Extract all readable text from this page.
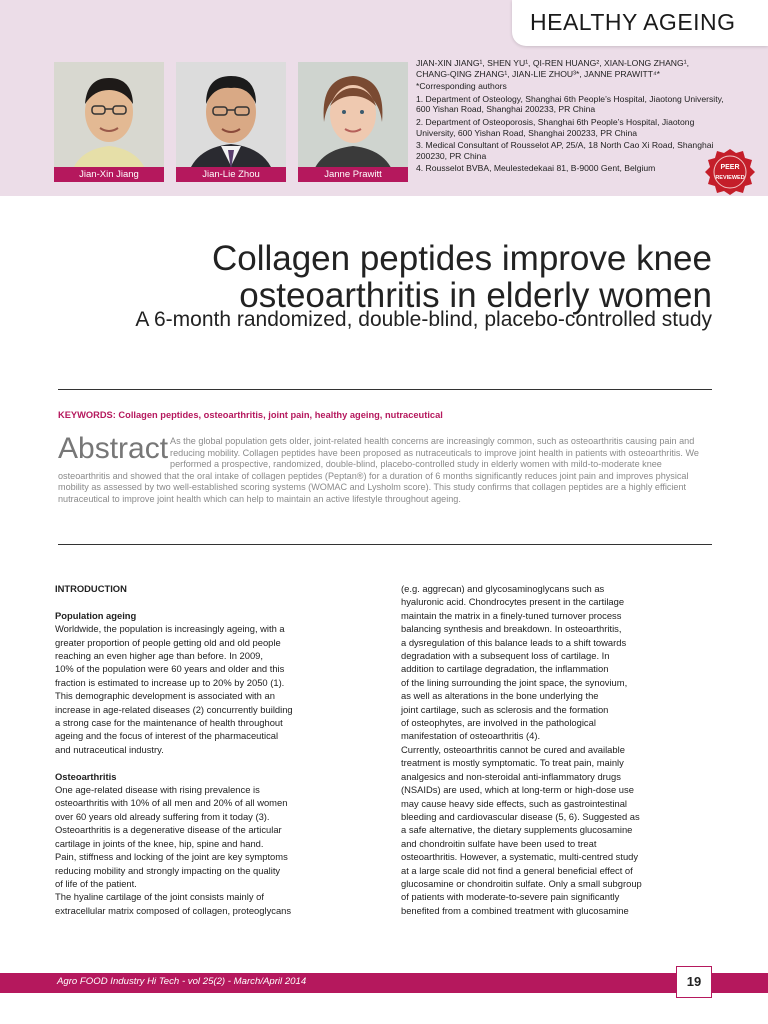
HEALTHY AGEING
Jian-Xin Jiang	Jian-Lie Zhou	Janne Prawitt

JIAN-XIN JIANG¹, SHEN YU¹, QI-REN HUANG², XIAN-LONG ZHANG¹,

CHANG-QING ZHANG¹, JIAN-LIE ZHOU³*, JANNE PRAWITT⁴*

*Corresponding authors

1. Department of Osteology, Shanghai 6th People’s Hospital, Jiaotong University, 600 Yishan Road, Shanghai 200233, PR China

2. Department of Osteoporosis, Shanghai 6th People’s Hospital, Jiaotong University, 600 Yishan Road, Shanghai 200233, PR China

3. Medical Consultant of Rousselot AP, 25/A, 18 North Cao Xi Road, Shanghai 200230, PR China

4. Rousselot BVBA, Meulestedekaai 81, B-9000 Gent, Belgium	PEER
REVIEWED
Collagen peptides improve knee
osteoarthritis in elderly women
A 6-month randomized, double-blind, placebo-controlled study
KEYWORDS: Collagen peptides, osteoarthritis, joint pain, healthy ageing, nutraceutical
Abstract As the global population gets older, joint-related health concerns are increasingly common, such as osteoarthritis causing pain and reducing mobility. Collagen peptides have been proposed as nutraceuticals to improve joint health in patients with osteoarthritis. We performed a prospective, randomized, double-blind, placebo-controlled study in elderly women with mild-to-moderate knee osteoarthritis and showed that the oral intake of collagen peptides (Peptan®) for a duration of 6 months significantly reduces joint pain and improves physical mobility as assessed by two well-established scoring systems (WOMAC and Lysholm score). This study confirms that collagen peptides are a highly efficient nutraceutical to improve joint health which can help to maintain an active lifestyle throughout ageing.
INTRODUCTION
Population ageing

Worldwide, the population is increasingly ageing, with a

greater proportion of people getting old and old people

reaching an even higher age than before. In 2009,

10% of the population were 60 years and older and this

fraction is estimated to increase up to 20% by 2050 (1).

This demographic development is associated with an

increase in age-related diseases (2) concurrently building

a strong case for the maintenance of health throughout

ageing and the focus of interest of the pharmaceutical

and nutraceutical industry.

Osteoarthritis

One age-related disease with rising prevalence is

osteoarthritis with 10% of all men and 20% of all women

over 60 years old already suffering from it today (3).

Osteoarthritis is a degenerative disease of the articular

cartilage in joints of the knee, hip, spine and hand.

Pain, stiffness and locking of the joint are key symptoms

reducing mobility and strongly impacting on the quality

of life of the patient.

The hyaline cartilage of the joint consists mainly of

extracellular matrix composed of collagen, proteoglycans

(e.g. aggrecan) and glycosaminoglycans such as

hyaluronic acid. Chondrocytes present in the cartilage

maintain the matrix in a finely-tuned turnover process

balancing synthesis and breakdown. In osteoarthritis,

a dysregulation of this balance leads to a shift towards

degradation with a subsequent loss of cartilage. In

addition to cartilage degradation, the inflammation

of the lining surrounding the joint space, the synovium,

as well as alterations in the bone underlying the

joint cartilage, such as sclerosis and the formation

of osteophytes, are involved in the pathological

manifestation of osteoarthritis (4).

Currently, osteoarthritis cannot be cured and available

treatment is mostly symptomatic. To treat pain, mainly

analgesics and non-steroidal anti-inflammatory drugs

(NSAIDs) are used, which at long-term or high-dose use

may cause heavy side effects, such as gastrointestinal

bleeding and cardiovascular disease (5, 6). Suggested as

a safe alternative, the dietary supplements glucosamine

and chondroitin sulfate have been used to treat

osteoarthritis. However, a systematic, multi-centred study

at a large scale did not find a general beneficial effect of

glucosamine or chondroitin sulfate. Only a small subgroup

of patients with moderate-to-severe pain significantly

benefited from a combined treatment with glucosamine

Agro FOOD Industry Hi Tech - vol 25(2) - March/April 2014	19
